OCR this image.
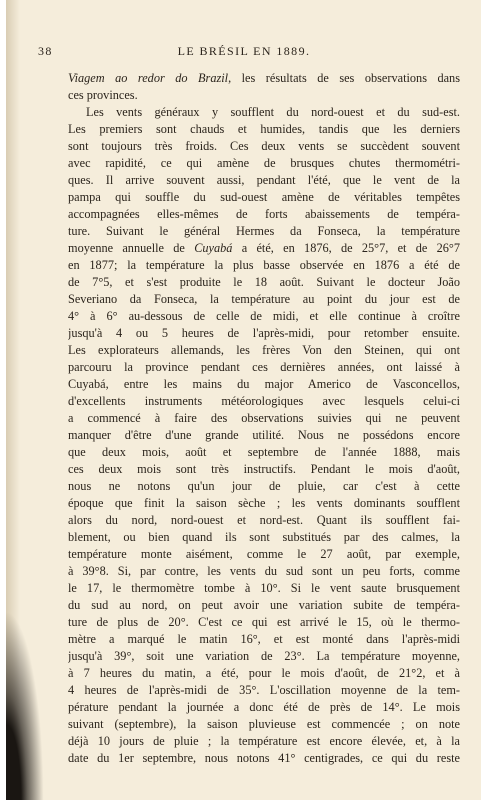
38	LE BRÉSIL EN 1889.
Viagem ao redor do Brazil, les résultats de ses observations dans
ces provinces.
Les vents généraux y soufflent du nord-ouest et du sud-est.
Les premiers sont chauds et humides, tandis que les derniers
sont toujours très froids. Ces deux vents se succèdent souvent
avec rapidité, ce qui amène de brusques chutes thermométri-
ques. Il arrive souvent aussi, pendant l'été, que le vent de la
pampa qui souffle du sud-ouest amène de véritables tempêtes
accompagnées elles-mêmes de forts abaissements de tempéra-
ture. Suivant le général Hermes da Fonseca, la température
moyenne annuelle de Cuyabá a été, en 1876, de 25°7, et de 26°7
en 1877; la température la plus basse observée en 1876 a été de
de 7°5, et s'est produite le 18 août. Suivant le docteur João
Severiano da Fonseca, la température au point du jour est de
4° à 6° au-dessous de celle de midi, et elle continue à croître
jusqu'à 4 ou 5 heures de l'après-midi, pour retomber ensuite.
Les explorateurs allemands, les frères Von den Steinen, qui ont
parcouru la province pendant ces dernières années, ont laissé à
Cuyabá, entre les mains du major Americo de Vasconcellos,
d'excellents instruments météorologiques avec lesquels celui-ci
a commencé à faire des observations suivies qui ne peuvent
manquer d'être d'une grande utilité. Nous ne possédons encore
que deux mois, août et septembre de l'année 1888, mais
ces deux mois sont très instructifs. Pendant le mois d'août,
nous ne notons qu'un jour de pluie, car c'est à cette
époque que finit la saison sèche ; les vents dominants soufflent
alors du nord, nord-ouest et nord-est. Quant ils soufflent fai-
blement, ou bien quand ils sont substitués par des calmes, la
température monte aisément, comme le 27 août, par exemple,
à 39°8. Si, par contre, les vents du sud sont un peu forts, comme
le 17, le thermomètre tombe à 10°. Si le vent saute brusquement
du sud au nord, on peut avoir une variation subite de tempéra-
ture de plus de 20°. C'est ce qui est arrivé le 15, où le thermo-
mètre a marqué le matin 16°, et est monté dans l'après-midi
jusqu'à 39°, soit une variation de 23°. La température moyenne,
à 7 heures du matin, a été, pour le mois d'août, de 21°2, et à
4 heures de l'après-midi de 35°. L'oscillation moyenne de la tem-
pérature pendant la journée a donc été de près de 14°. Le mois
suivant (septembre), la saison pluvieuse est commencée ; on note
déjà 10 jours de pluie ; la température est encore élevée, et, à la
date du 1er septembre, nous notons 41° centigrades, ce qui du reste
